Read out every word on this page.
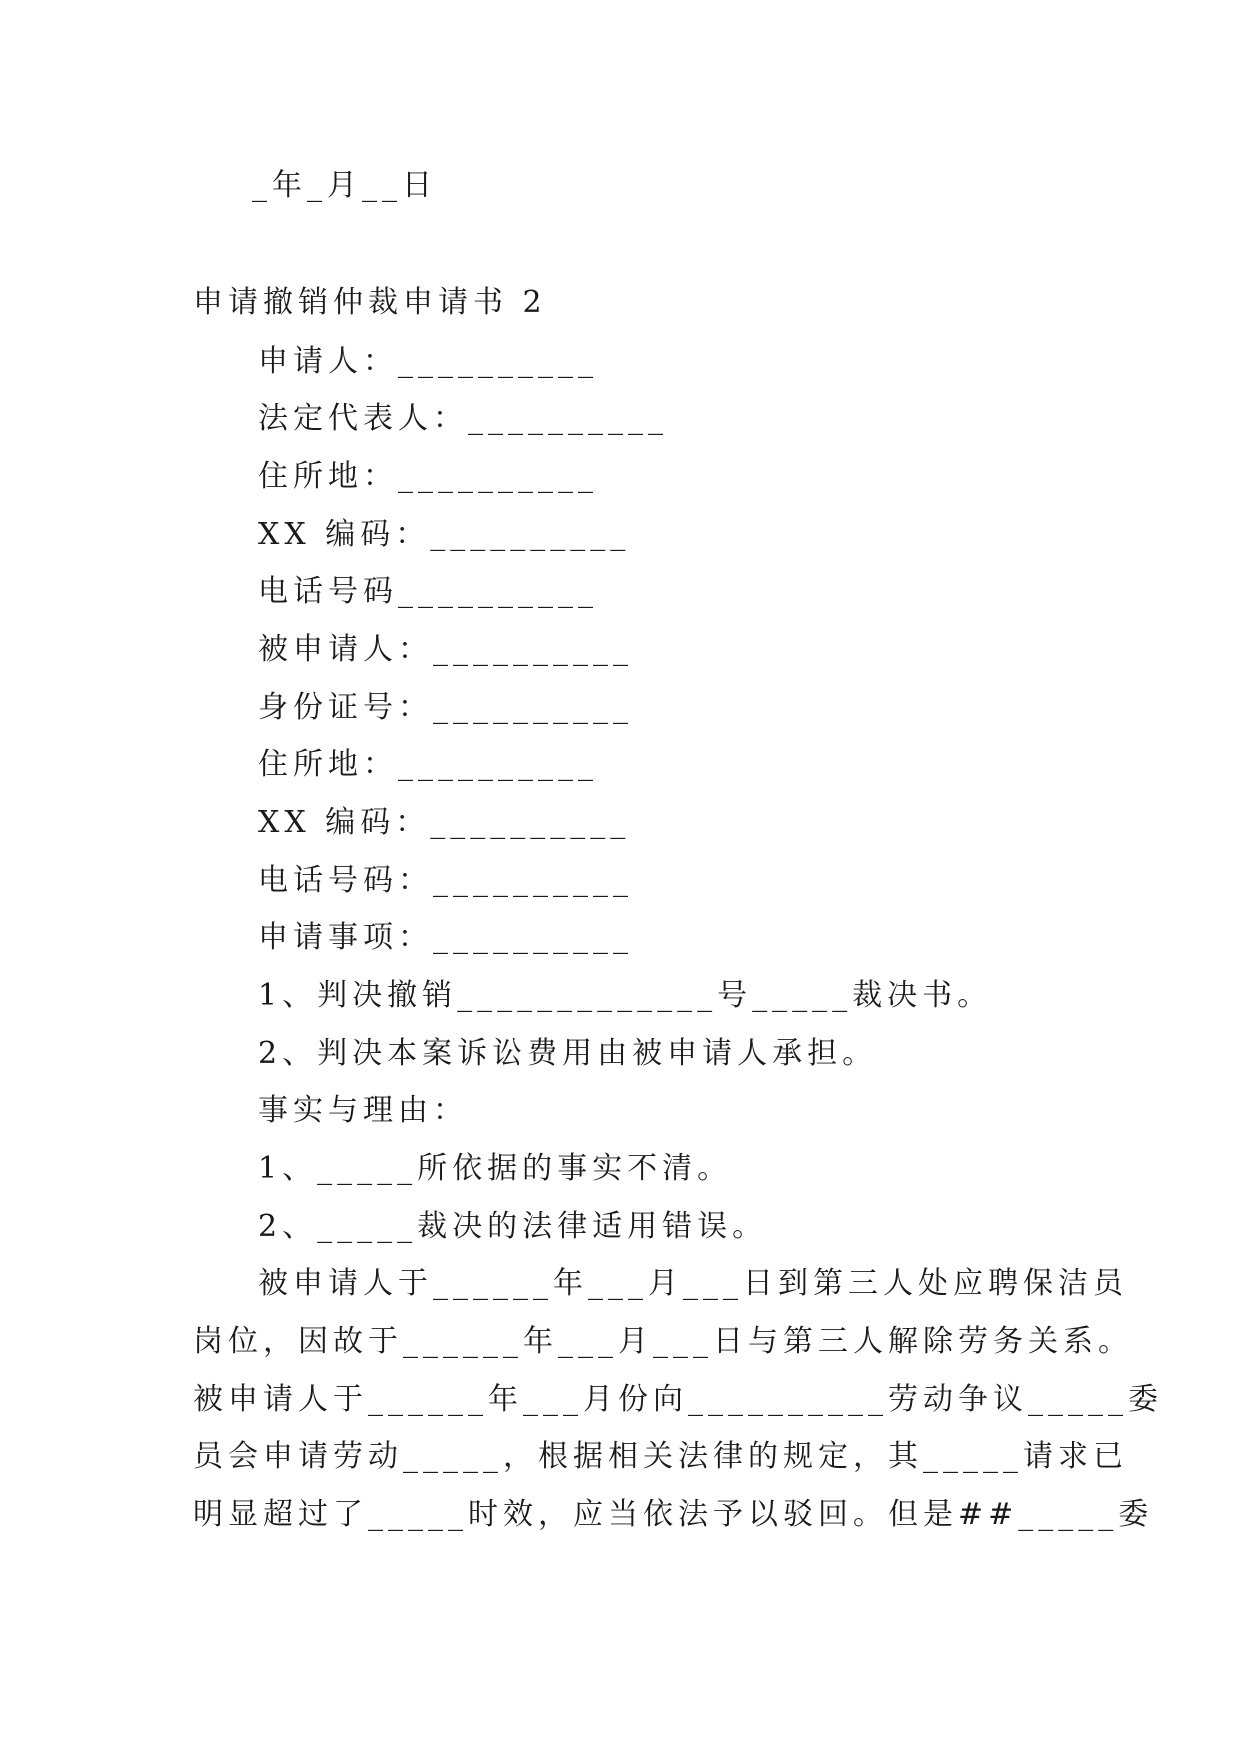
_年_月__日
申请撤销仲裁申请书 2
申请人：__________
法定代表人：__________
住所地：__________
XX 编码：__________
电话号码__________
被申请人：__________
身份证号：__________
住所地：__________
XX 编码：__________
电话号码：__________
申请事项：__________
1、判决撤销_____________号_____裁决书。
2、判决本案诉讼费用由被申请人承担。
事实与理由：
1、_____所依据的事实不清。
2、_____裁决的法律适用错误。
被申请人于______年___月___日到第三人处应聘保洁员
岗位，因故于______年___月___日与第三人解除劳务关系。
被申请人于______年___月份向__________劳动争议_____委
员会申请劳动_____，根据相关法律的规定，其_____请求已
明显超过了_____时效，应当依法予以驳回。但是##_____委
